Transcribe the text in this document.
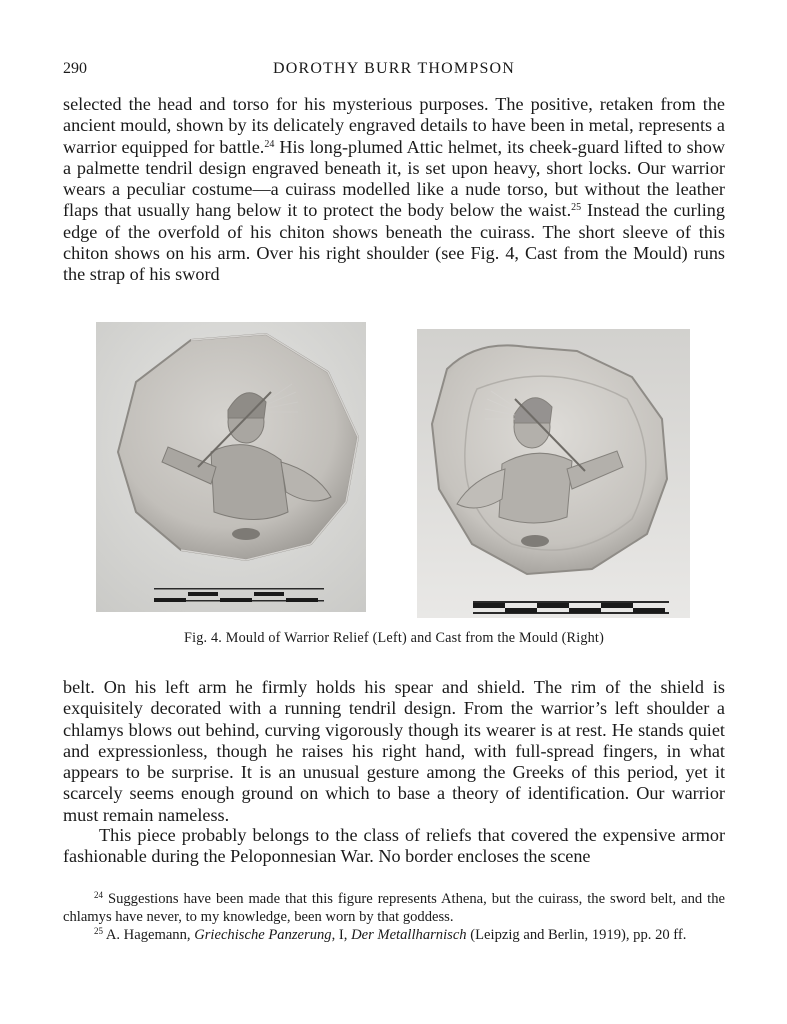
290	DOROTHY BURR THOMPSON

selected the head and torso for his mysterious purposes. The positive, retaken from the ancient mould, shown by its delicately engraved details to have been in metal, represents a warrior equipped for battle.$^{24}$ His long-plumed Attic helmet, its cheek-guard lifted to show a palmette tendril design engraved beneath it, is set upon heavy, short locks. Our warrior wears a peculiar costume—a cuirass modelled like a nude torso, but without the leather flaps that usually hang below it to protect the body below the waist.$^{25}$ Instead the curling edge of the overfold of his chiton shows beneath the cuirass. The short sleeve of this chiton shows on his arm. Over his right shoulder (see Fig. 4, Cast from the Mould) runs the strap of his sword

Fig. 4. Mould of Warrior Relief (Left) and Cast from the Mould (Right)

belt. On his left arm he firmly holds his spear and shield. The rim of the shield is exquisitely decorated with a running tendril design. From the warrior’s left shoulder a chlamys blows out behind, curving vigorously though its wearer is at rest. He stands quiet and expressionless, though he raises his right hand, with full-spread fingers, in what appears to be surprise. It is an unusual gesture among the Greeks of this period, yet it scarcely seems enough ground on which to base a theory of identification. Our warrior must remain nameless.

This piece probably belongs to the class of reliefs that covered the expensive armor fashionable during the Peloponnesian War. No border encloses the scene

$^{24}$ Suggestions have been made that this figure represents Athena, but the cuirass, the sword belt, and the chlamys have never, to my knowledge, been worn by that goddess.

$^{25}$ A. Hagemann, Griechische Panzerung, I, Der Metallharnisch (Leipzig and Berlin, 1919), pp. 20 ff.
